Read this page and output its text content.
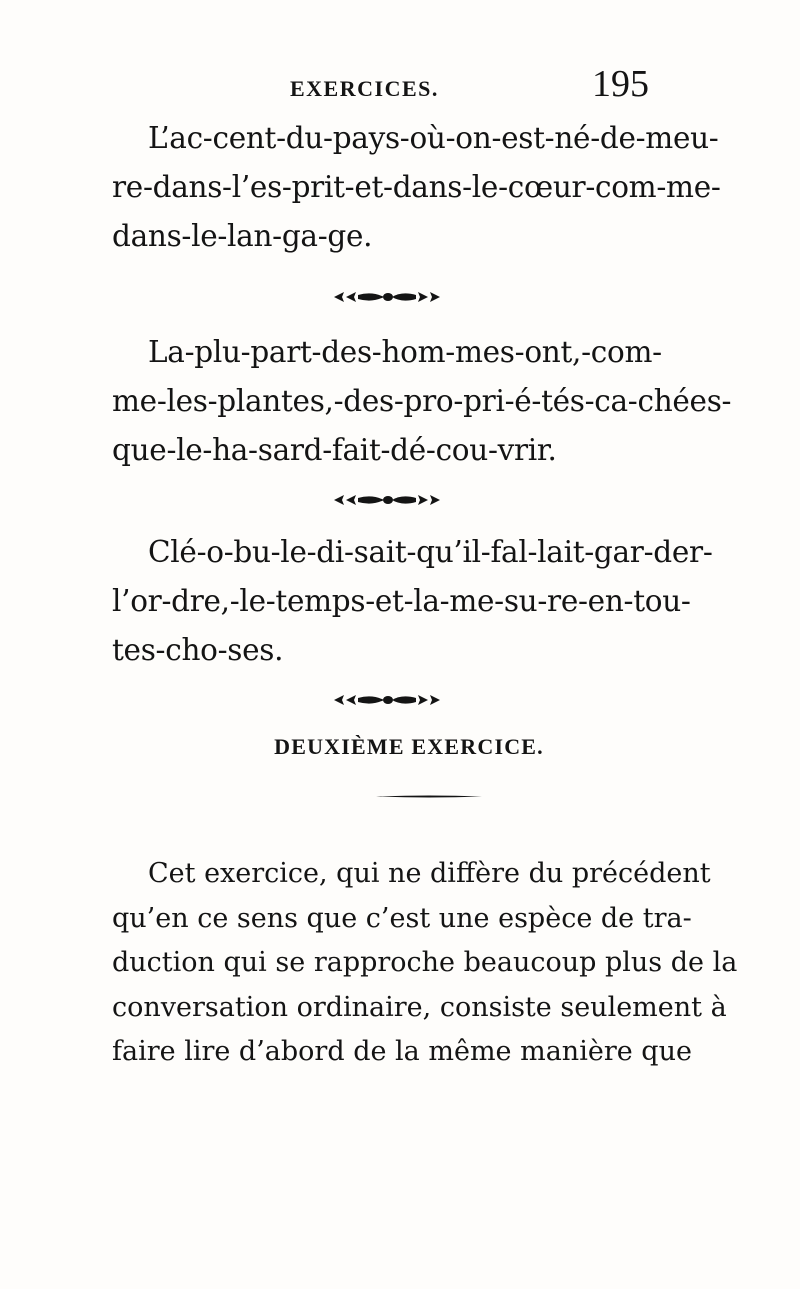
EXERCICES.	195
L’ac-cent-du-pays-où-on-est-né-de-meu-
re-dans-l’es-prit-et-dans-le-cœur-com-me-
dans-le-lan-ga-ge.
La-plu-part-des-hom-mes-ont,-com-
me-les-plantes,-des-pro-pri-é-tés-ca-chées-
que-le-ha-sard-fait-dé-cou-vrir.
Clé-o-bu-le-di-sait-qu’il-fal-lait-gar-der-
l’or-dre,-le-temps-et-la-me-su-re-en-tou-
tes-cho-ses.
DEUXIÈME EXERCICE.
Cet exercice, qui ne diffère du précédent
qu’en ce sens que c’est une espèce de tra-
duction qui se rapproche beaucoup plus de la
conversation ordinaire, consiste seulement à
faire lire d’abord de la même manière que
